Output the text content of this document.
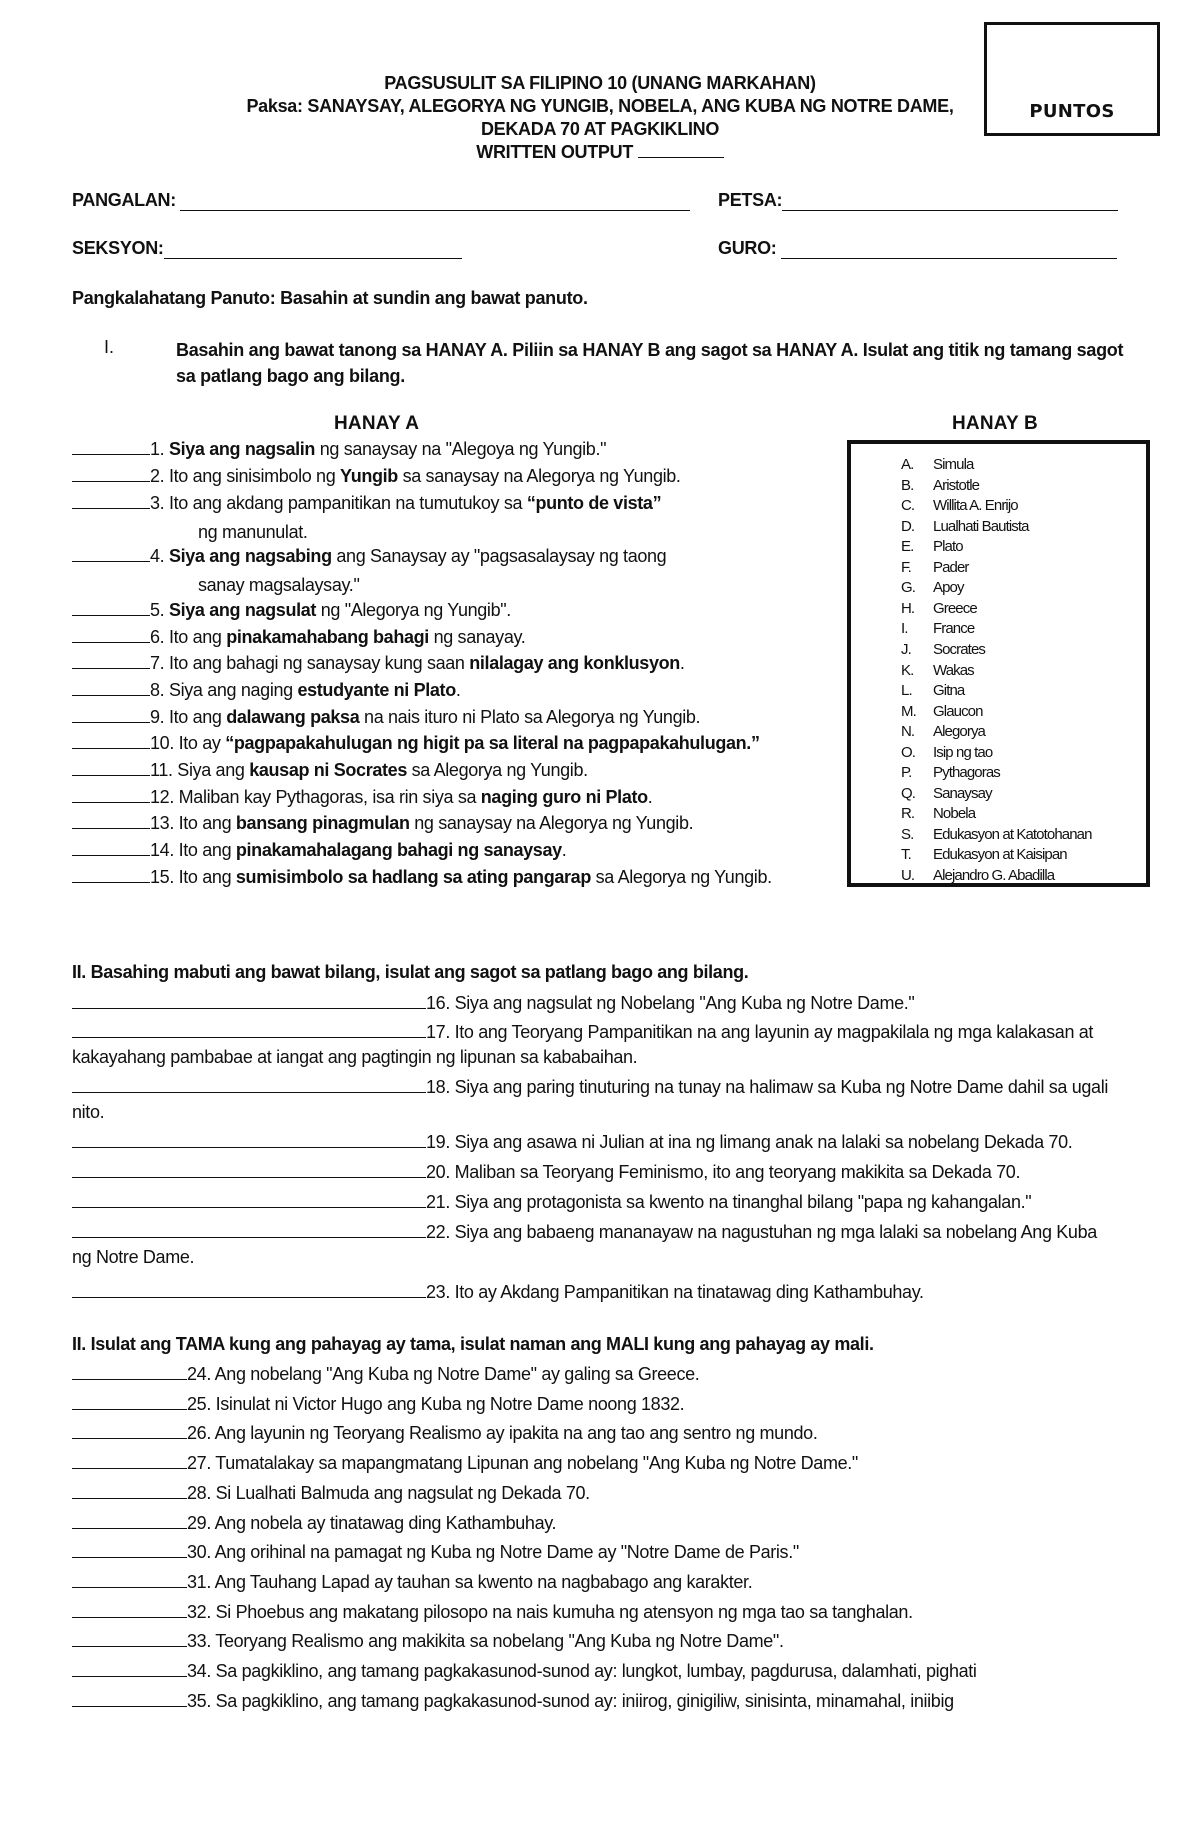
PUNTOS
PAGSUSULIT SA FILIPINO 10 (UNANG MARKAHAN)
Paksa: SANAYSAY, ALEGORYA NG YUNGIB, NOBELA, ANG KUBA NG NOTRE DAME,
DEKADA 70 AT PAGKIKLINO
WRITTEN OUTPUT
PANGALAN:	PETSA:
SEKSYON:	GURO:
Pangkalahatang Panuto: Basahin at sundin ang bawat panuto.
I.	Basahin ang bawat tanong sa HANAY A. Piliin sa HANAY B ang sagot sa HANAY A. Isulat ang titik ng tamang sagot sa patlang bago ang bilang.
HANAY A	HANAY B
1. Siya ang nagsalin ng sanaysay na "Alegoya ng Yungib."
2. Ito ang sinisimbolo ng Yungib sa sanaysay na Alegorya ng Yungib.
3. Ito ang akdang pampanitikan na tumutukoy sa “punto de vista”
4. Siya ang nagsabing ang Sanaysay ay "pagsasalaysay ng taong
5. Siya ang nagsulat ng "Alegorya ng Yungib".
6. Ito ang pinakamahabang bahagi ng sanayay.
7. Ito ang bahagi ng sanaysay kung saan nilalagay ang konklusyon.
8. Siya ang naging estudyante ni Plato.
9. Ito ang dalawang paksa na nais ituro ni Plato sa Alegorya ng Yungib.
10. Ito ay “pagpapakahulugan ng higit pa sa literal na pagpapakahulugan.”
11. Siya ang kausap ni Socrates sa Alegorya ng Yungib.
12. Maliban kay Pythagoras, isa rin siya sa naging guro ni Plato.
13. Ito ang bansang pinagmulan ng sanaysay na Alegorya ng Yungib.
14. Ito ang pinakamahalagang bahagi ng sanaysay.
15. Ito ang sumisimbolo sa hadlang sa ating pangarap sa Alegorya ng Yungib.
ng manunulat.
sanay magsalaysay."
A. Simula
B. Aristotle
C. Willita A. Enrijo
D. Lualhati Bautista
E. Plato
F. Pader
G. Apoy
H. Greece
I. France
J. Socrates
K. Wakas
L. Gitna
M. Glaucon
N. Alegorya
O. Isip ng tao
P. Pythagoras
Q. Sanaysay
R. Nobela
S. Edukasyon at Katotohanan
T. Edukasyon at Kaisipan
U. Alejandro G. Abadilla
II. Basahing mabuti ang bawat bilang, isulat ang sagot sa patlang bago ang bilang.
16. Siya ang nagsulat ng Nobelang "Ang Kuba ng Notre Dame."
17. Ito ang Teoryang Pampanitikan na ang layunin ay magpakilala ng mga kalakasan at
kakayahang pambabae at iangat ang pagtingin ng lipunan sa kababaihan.
18. Siya ang paring tinuturing na tunay na halimaw sa Kuba ng Notre Dame dahil sa ugali
nito.
19. Siya ang asawa ni Julian at ina ng limang anak na lalaki sa nobelang Dekada 70.
20. Maliban sa Teoryang Feminismo, ito ang teoryang makikita sa Dekada 70.
21. Siya ang protagonista sa kwento na tinanghal bilang "papa ng kahangalan."
22. Siya ang babaeng mananayaw na nagustuhan ng mga lalaki sa nobelang Ang Kuba
ng Notre Dame.
23. Ito ay Akdang Pampanitikan na tinatawag ding Kathambuhay.
II. Isulat ang TAMA kung ang pahayag ay tama, isulat naman ang MALI kung ang pahayag ay mali.
24. Ang nobelang "Ang Kuba ng Notre Dame" ay galing sa Greece.
25. Isinulat ni Victor Hugo ang Kuba ng Notre Dame noong 1832.
26. Ang layunin ng Teoryang Realismo ay ipakita na ang tao ang sentro ng mundo.
27. Tumatalakay sa mapangmatang Lipunan ang nobelang "Ang Kuba ng Notre Dame."
28. Si Lualhati Balmuda ang nagsulat ng Dekada 70.
29. Ang nobela ay tinatawag ding Kathambuhay.
30. Ang orihinal na pamagat ng Kuba ng Notre Dame ay "Notre Dame de Paris."
31. Ang Tauhang Lapad ay tauhan sa kwento na nagbabago ang karakter.
32. Si Phoebus ang makatang pilosopo na nais kumuha ng atensyon ng mga tao sa tanghalan.
33. Teoryang Realismo ang makikita sa nobelang "Ang Kuba ng Notre Dame".
34. Sa pagkiklino, ang tamang pagkakasunod-sunod ay: lungkot, lumbay, pagdurusa, dalamhati, pighati
35. Sa pagkiklino, ang tamang pagkakasunod-sunod ay: iniirog, ginigiliw, sinisinta, minamahal, iniibig
